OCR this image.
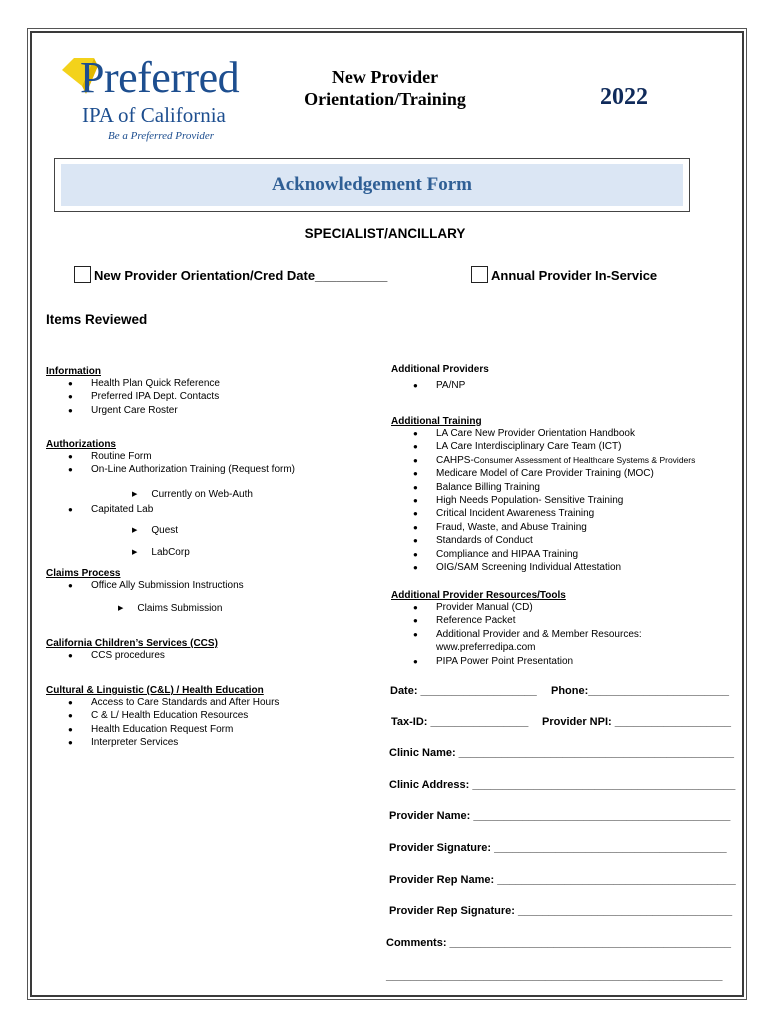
Preferred
IPA of California
Be a Preferred Provider
New Provider
Orientation/Training	2022
Acknowledgement Form
SPECIALIST/ANCILLARY
New Provider Orientation/Cred Date__________	Annual Provider In-Service
Items Reviewed
Information
● Health Plan Quick Reference
● Preferred IPA Dept. Contacts
● Urgent Care Roster
Authorizations
● Routine Form
● On-Line Authorization Training (Request form)
▶ Currently on Web-Auth
● Capitated Lab
▶ Quest
▶ LabCorp
Claims Process
● Office Ally Submission Instructions
▶ Claims Submission
California Children’s Services (CCS)
● CCS procedures
Cultural & Linguistic (C&L) / Health Education
● Access to Care Standards and After Hours
● C & L/ Health Education Resources
● Health Education Request Form
● Interpreter Services
Additional Providers
● PA/NP
Additional Training
● LA Care New Provider Orientation Handbook
● LA Care Interdisciplinary Care Team (ICT)
● CAHPS-Consumer Assessment of Healthcare Systems & Providers
● Medicare Model of Care Provider Training (MOC)
● Balance Billing Training
● High Needs Population- Sensitive Training
● Critical Incident Awareness Training
● Fraud, Waste, and Abuse Training
● Standards of Conduct
● Compliance and HIPAA Training
● OIG/SAM Screening Individual Attestation
Additional Provider Resources/Tools
● Provider Manual (CD)
● Reference Packet
● Additional Provider and & Member Resources:
www.preferredipa.com
● PIPA Power Point Presentation
Date: ___________________ Phone:_______________________
Tax-ID: ________________ Provider NPI: ___________________
Clinic Name: _____________________________________________
Clinic Address: ___________________________________________
Provider Name: __________________________________________
Provider Signature: ______________________________________
Provider Rep Name: _______________________________________
Provider Rep Signature: ___________________________________
Comments: ______________________________________________
_______________________________________________________
